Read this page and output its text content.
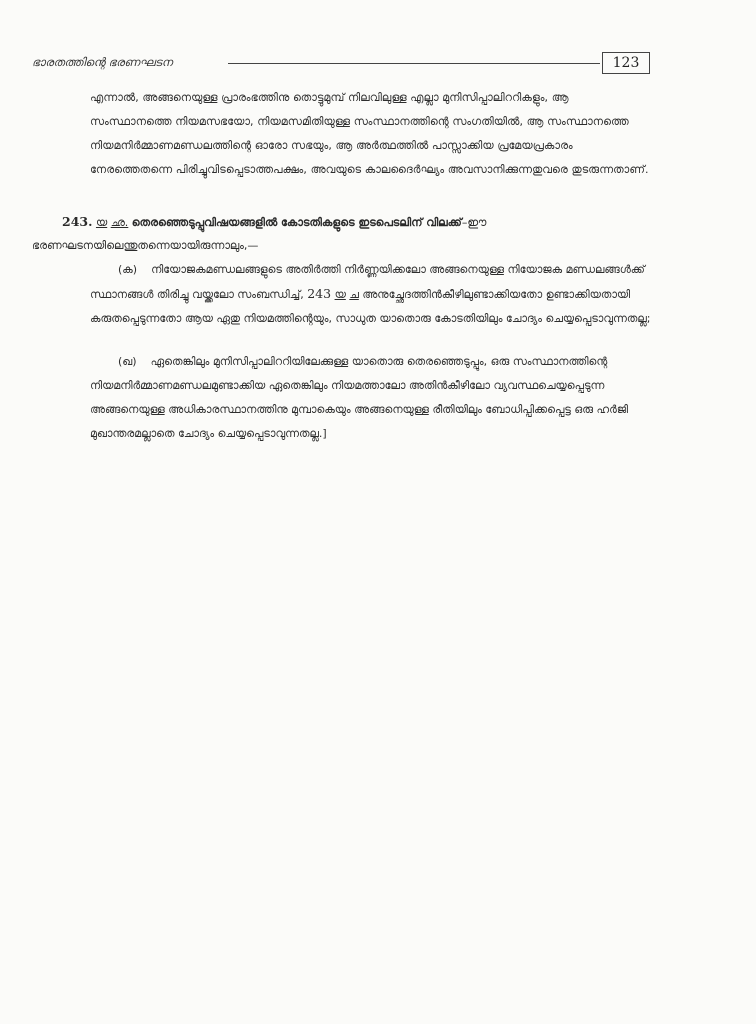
ഭാരതത്തിന്റെ ഭരണഘടന	123
എന്നാൽ, അങ്ങനെയുള്ള പ്രാരംഭത്തിനു തൊട്ടുമുമ്പ് നിലവിലുള്ള എല്ലാ മുനിസിപ്പാലിററികളും, ആ സംസ്ഥാനത്തെ നിയമസഭയോ, നിയമസമിതിയുള്ള സംസ്ഥാനത്തിന്റെ സംഗതിയിൽ, ആ സംസ്ഥാനത്തെ നിയമനിർമ്മാണമണ്ഡലത്തിന്റെ ഓരോ സഭയും, ആ അർത്ഥത്തിൽ പാസ്സാക്കിയ പ്രമേയപ്രകാരം നേരത്തെതന്നെ പിരിച്ചുവിടപ്പെടാത്തപക്ഷം, അവയുടെ കാലദൈർഘ്യം അവസാനിക്കുന്നതുവരെ തുടരുന്നതാണ്.
243. യ ഛ. തെരഞ്ഞെടുപ്പുവിഷയങ്ങളിൽ കോടതികളുടെ ഇടപെടലിന് വിലക്ക്–ഈ
ഭരണഘടനയിലെന്തുതന്നെയായിരുന്നാലും,—
(ക) നിയോജകമണ്ഡലങ്ങളുടെ അതിർത്തി നിർണ്ണയിക്കലോ അങ്ങനെയുള്ള നിയോജക മണ്ഡലങ്ങൾക്ക് സ്ഥാനങ്ങൾ തിരിച്ചു വയ്ക്കലോ സംബന്ധിച്ച്, 243 യ ച അനുച്ഛേദത്തിൻകീഴിലുണ്ടാക്കിയതോ ഉണ്ടാക്കിയതായി കരുതപ്പെടുന്നതോ ആയ ഏതു നിയമത്തിന്റെയും, സാധുത യാതൊരു കോടതിയിലും ചോദ്യം ചെയ്യപ്പെടാവുന്നതല്ല;
(ഖ) ഏതെങ്കിലും മുനിസിപ്പാലിററിയിലേക്കുള്ള യാതൊരു തെരഞ്ഞെടുപ്പും, ഒരു സംസ്ഥാനത്തിന്റെ നിയമനിർമ്മാണമണ്ഡലമുണ്ടാക്കിയ ഏതെങ്കിലും നിയമത്താലോ അതിൻകീഴിലോ വ്യവസ്ഥചെയ്യപ്പെടുന്ന അങ്ങനെയുള്ള അധികാരസ്ഥാനത്തിനു മുമ്പാകെയും അങ്ങനെയുള്ള രീതിയിലും ബോധിപ്പിക്കപ്പെട്ട ഒരു ഹർജി മുഖാന്തരമല്ലാതെ ചോദ്യം ചെയ്യപ്പെടാവുന്നതല്ല.]
